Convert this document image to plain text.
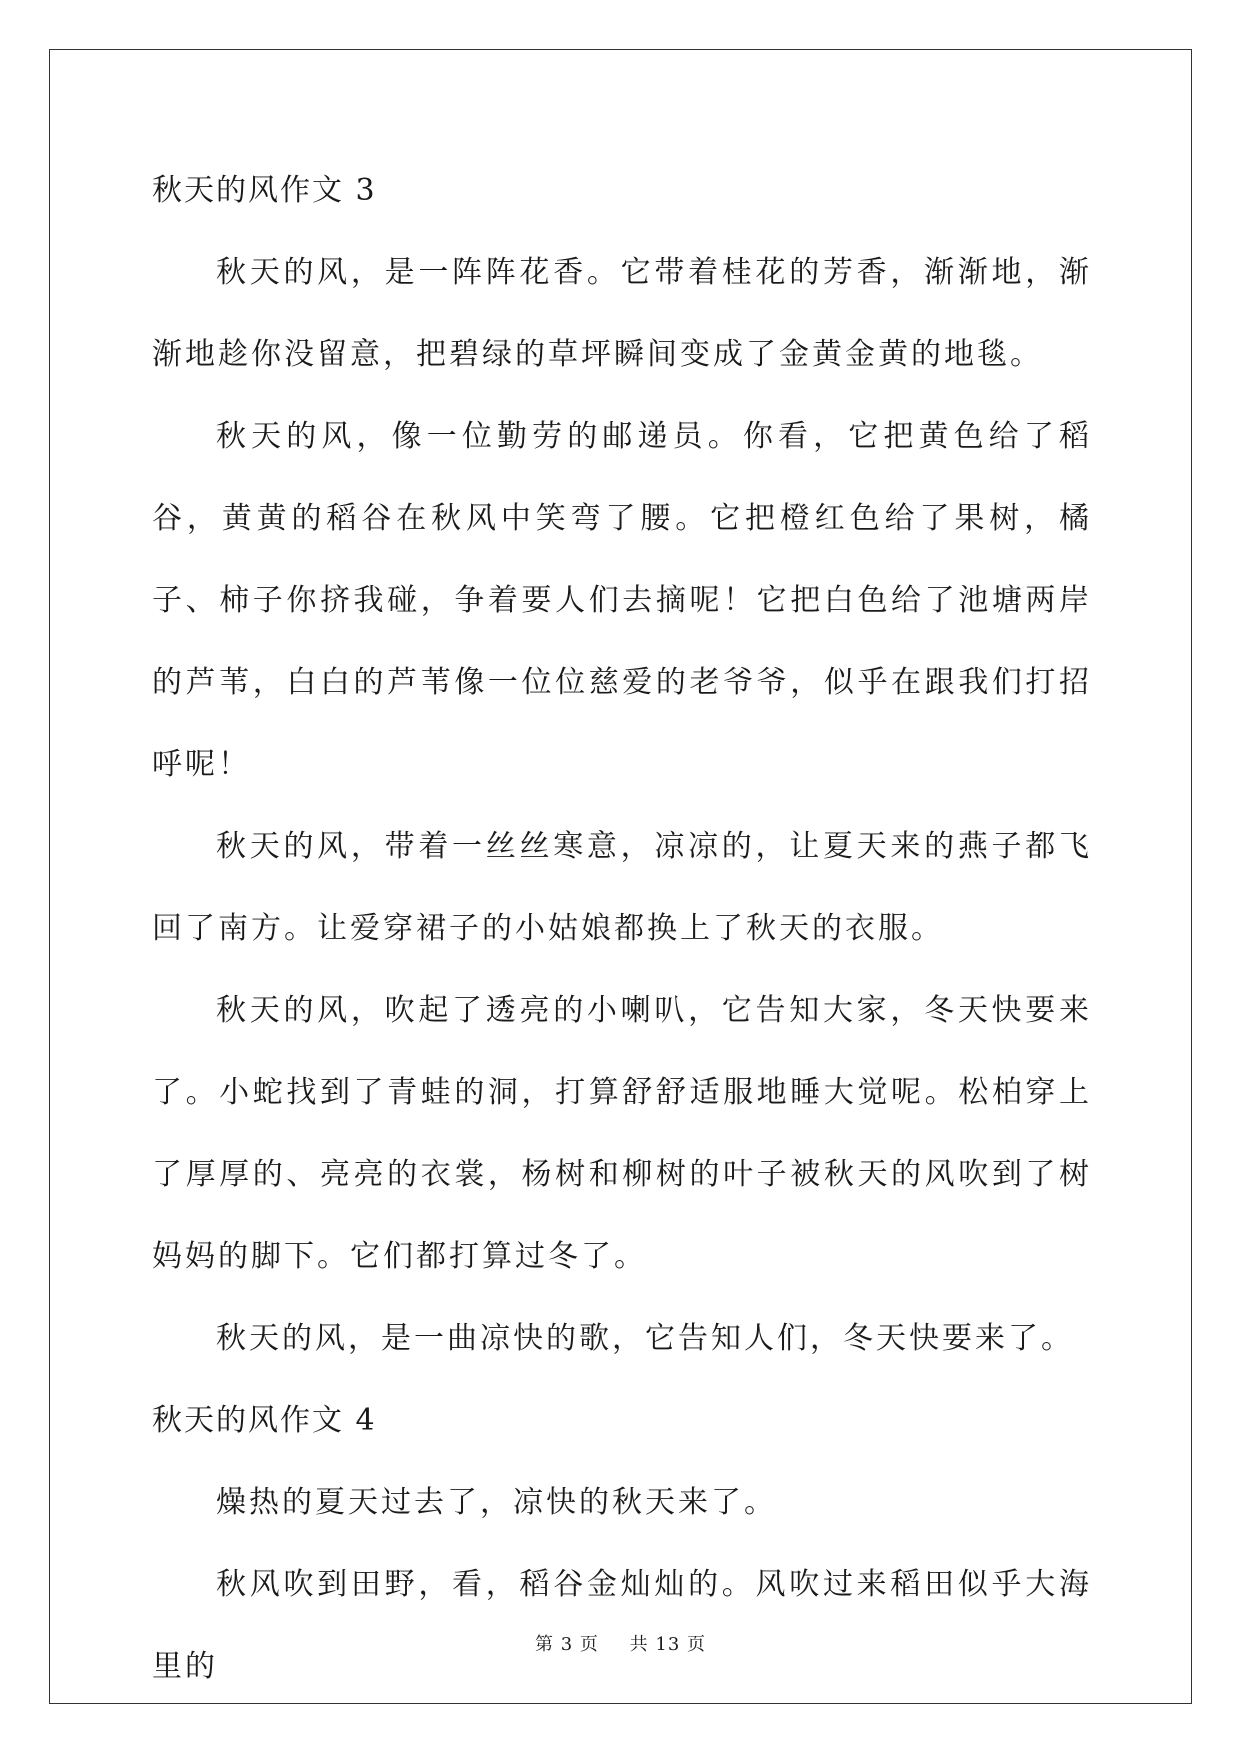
秋天的风作文 3

秋天的风，是一阵阵花香。它带着桂花的芳香，渐渐地，渐渐地趁你没留意，把碧绿的草坪瞬间变成了金黄金黄的地毯。

秋天的风，像一位勤劳的邮递员。你看，它把黄色给了稻谷，黄黄的稻谷在秋风中笑弯了腰。它把橙红色给了果树，橘子、柿子你挤我碰，争着要人们去摘呢！它把白色给了池塘两岸的芦苇，白白的芦苇像一位位慈爱的老爷爷，似乎在跟我们打招呼呢！

秋天的风，带着一丝丝寒意，凉凉的，让夏天来的燕子都飞回了南方。让爱穿裙子的小姑娘都换上了秋天的衣服。

秋天的风，吹起了透亮的小喇叭，它告知大家，冬天快要来了。小蛇找到了青蛙的洞，打算舒舒适服地睡大觉呢。松柏穿上了厚厚的、亮亮的衣裳，杨树和柳树的叶子被秋天的风吹到了树妈妈的脚下。它们都打算过冬了。

秋天的风，是一曲凉快的歌，它告知人们，冬天快要来了。

秋天的风作文 4

燥热的夏天过去了，凉快的秋天来了。

秋风吹到田野，看，稻谷金灿灿的。风吹过来稻田似乎大海里的

第 3 页 共 13 页
